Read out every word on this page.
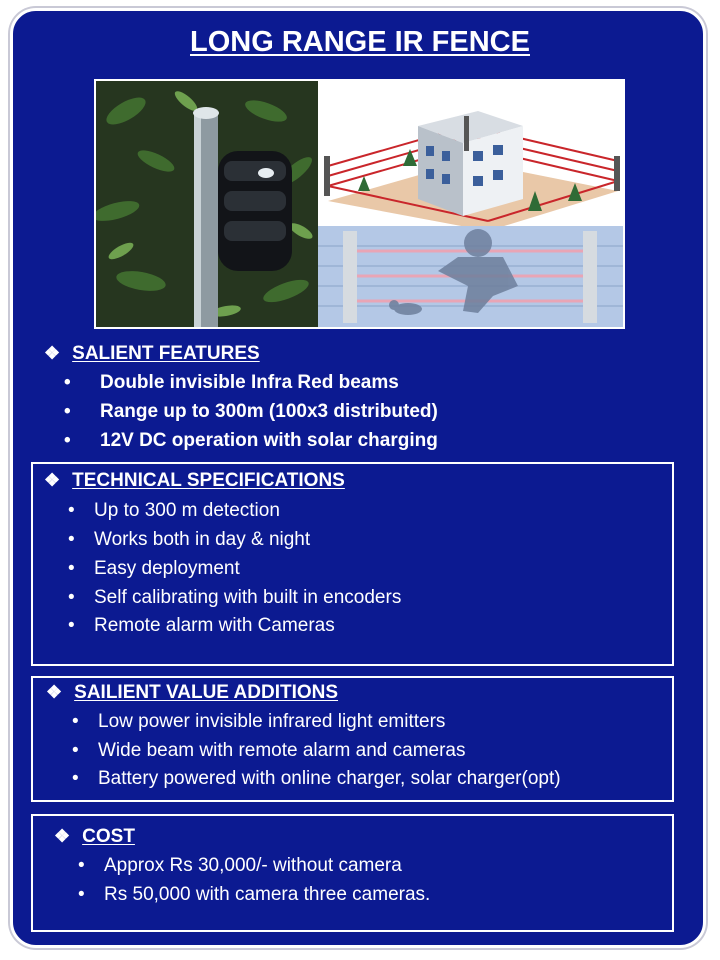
LONG RANGE IR FENCE
❖ SALIENT FEATURES
• Double invisible Infra Red beams
• Range up to 300m (100x3 distributed)
• 12V DC operation with solar charging
❖ TECHNICAL SPECIFICATIONS
• Up to 300 m detection
• Works both in day & night
• Easy deployment
• Self calibrating with built in encoders
• Remote alarm with Cameras
❖ SAILIENT VALUE ADDITIONS
• Low power invisible infrared light emitters
• Wide beam with remote alarm and cameras
• Battery powered with online charger, solar charger(opt)
❖ COST
• Approx Rs 30,000/- without camera
• Rs 50,000 with camera three cameras.
